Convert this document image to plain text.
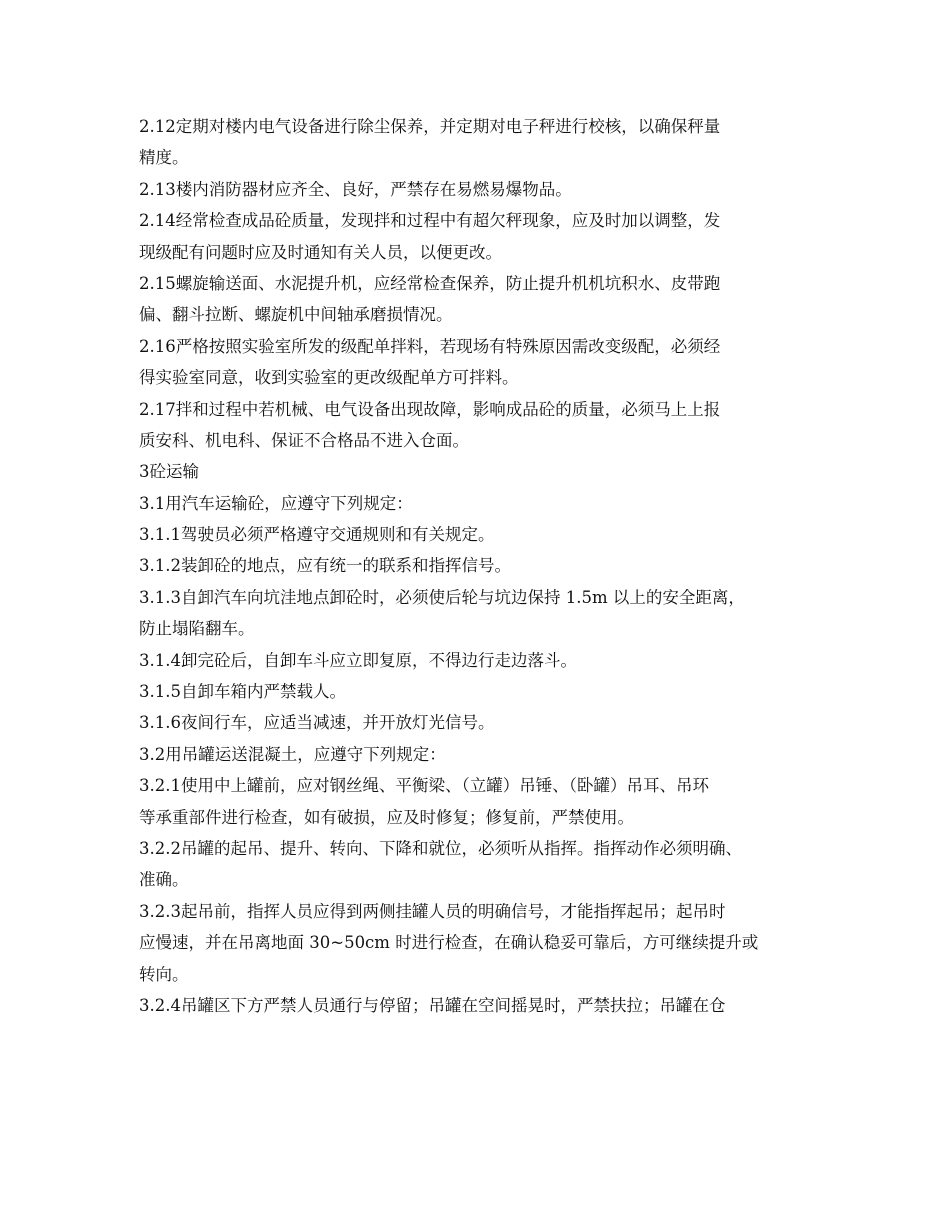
2.12定期对楼内电气设备进行除尘保养，并定期对电子秤进行校核，以确保秤量
精度。
2.13楼内消防器材应齐全、良好，严禁存在易燃易爆物品。
2.14经常检查成品砼质量，发现拌和过程中有超欠秤现象，应及时加以调整，发
现级配有问题时应及时通知有关人员，以便更改。
2.15螺旋输送面、水泥提升机，应经常检查保养，防止提升机机坑积水、皮带跑
偏、翻斗拉断、螺旋机中间轴承磨损情况。
2.16严格按照实验室所发的级配单拌料，若现场有特殊原因需改变级配，必须经
得实验室同意，收到实验室的更改级配单方可拌料。
2.17拌和过程中若机械、电气设备出现故障，影响成品砼的质量，必须马上上报
质安科、机电科、保证不合格品不进入仓面。
3砼运输
3.1用汽车运输砼，应遵守下列规定：
3.1.1驾驶员必须严格遵守交通规则和有关规定。
3.1.2装卸砼的地点，应有统一的联系和指挥信号。
3.1.3自卸汽车向坑洼地点卸砼时，必须使后轮与坑边保持 1.5m 以上的安全距离，
防止塌陷翻车。
3.1.4卸完砼后，自卸车斗应立即复原，不得边行走边落斗。
3.1.5自卸车箱内严禁载人。
3.1.6夜间行车，应适当减速，并开放灯光信号。
3.2用吊罐运送混凝土，应遵守下列规定：
3.2.1使用中上罐前，应对钢丝绳、平衡梁、（立罐）吊锤、（卧罐）吊耳、吊环
等承重部件进行检查，如有破损，应及时修复；修复前，严禁使用。
3.2.2吊罐的起吊、提升、转向、下降和就位，必须听从指挥。指挥动作必须明确、
准确。
3.2.3起吊前，指挥人员应得到两侧挂罐人员的明确信号，才能指挥起吊；起吊时
应慢速，并在吊离地面 30~50cm 时进行检查，在确认稳妥可靠后，方可继续提升或
转向。
3.2.4吊罐区下方严禁人员通行与停留；吊罐在空间摇晃时，严禁扶拉；吊罐在仓
